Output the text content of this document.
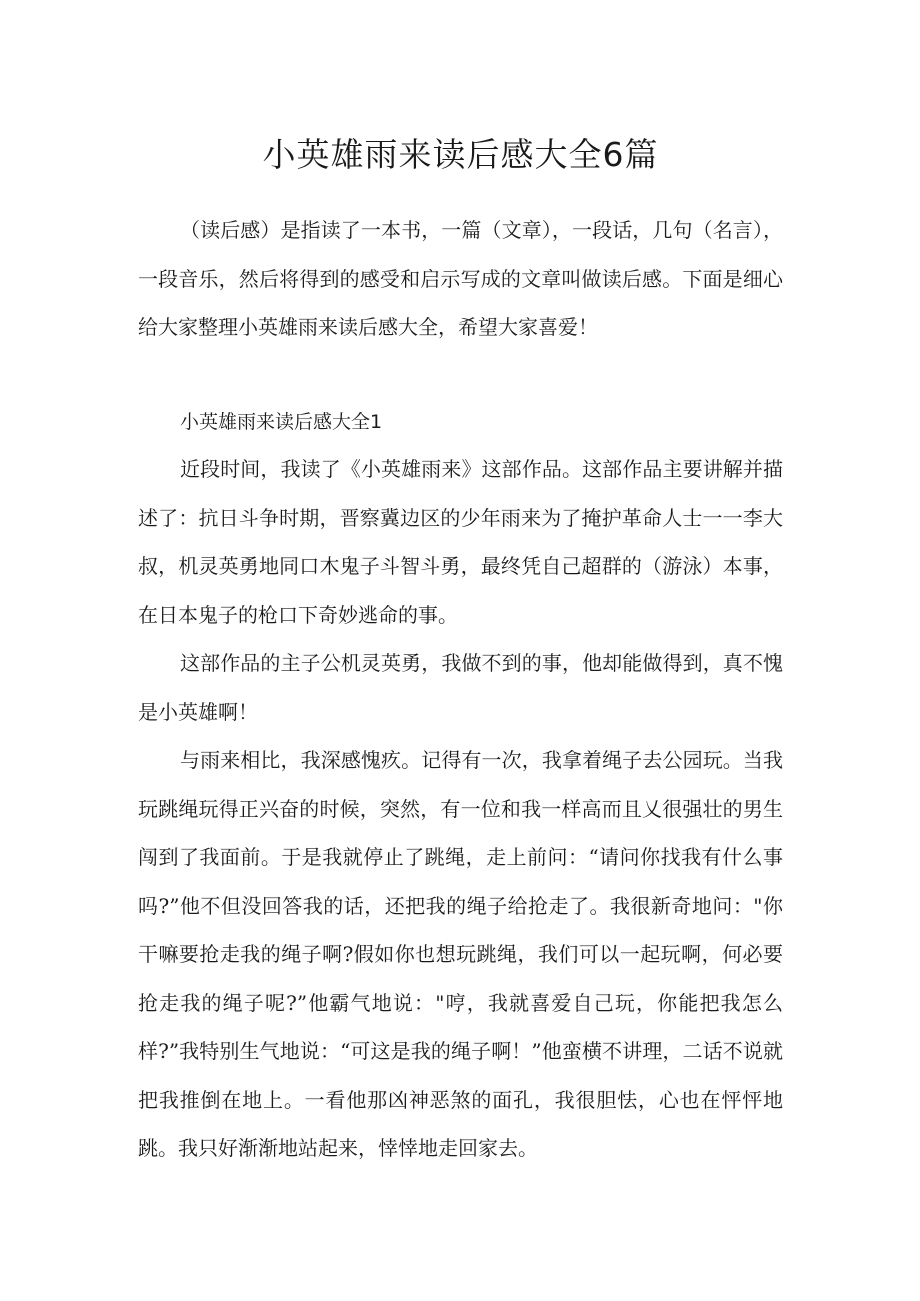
小英雄雨来读后感大全6篇

（读后感）是指读了一本书，一篇（文章），一段话，几句（名言），一段音乐，然后将得到的感受和启示写成的文章叫做读后感。下面是细心给大家整理小英雄雨来读后感大全，希望大家喜爱！

小英雄雨来读后感大全1

近段时间，我读了《小英雄雨来》这部作品。这部作品主要讲解并描述了：抗日斗争时期，晋察冀边区的少年雨来为了掩护革命人士一一李大叔，机灵英勇地同口木鬼子斗智斗勇，最终凭自己超群的（游泳）本事，在日本鬼子的枪口下奇妙逃命的事。

这部作品的主子公机灵英勇，我做不到的事，他却能做得到，真不愧是小英雄啊！

与雨来相比，我深感愧疚。记得有一次，我拿着绳子去公园玩。当我玩跳绳玩得正兴奋的时候，突然，有一位和我一样高而且乂很强壮的男生闯到了我面前。于是我就停止了跳绳，走上前问：“请问你找我有什么事吗?”他不但没回答我的话，还把我的绳子给抢走了。我很新奇地问："你干嘛要抢走我的绳子啊?假如你也想玩跳绳，我们可以一起玩啊，何必要抢走我的绳子呢?”他霸气地说："哼，我就喜爱自己玩，你能把我怎么样?”我特别生气地说：“可这是我的绳子啊！”他蛮横不讲理，二话不说就把我推倒在地上。一看他那凶神恶煞的面孔，我很胆怯，心也在怦怦地跳。我只好渐渐地站起来，悻悻地走回家去。
